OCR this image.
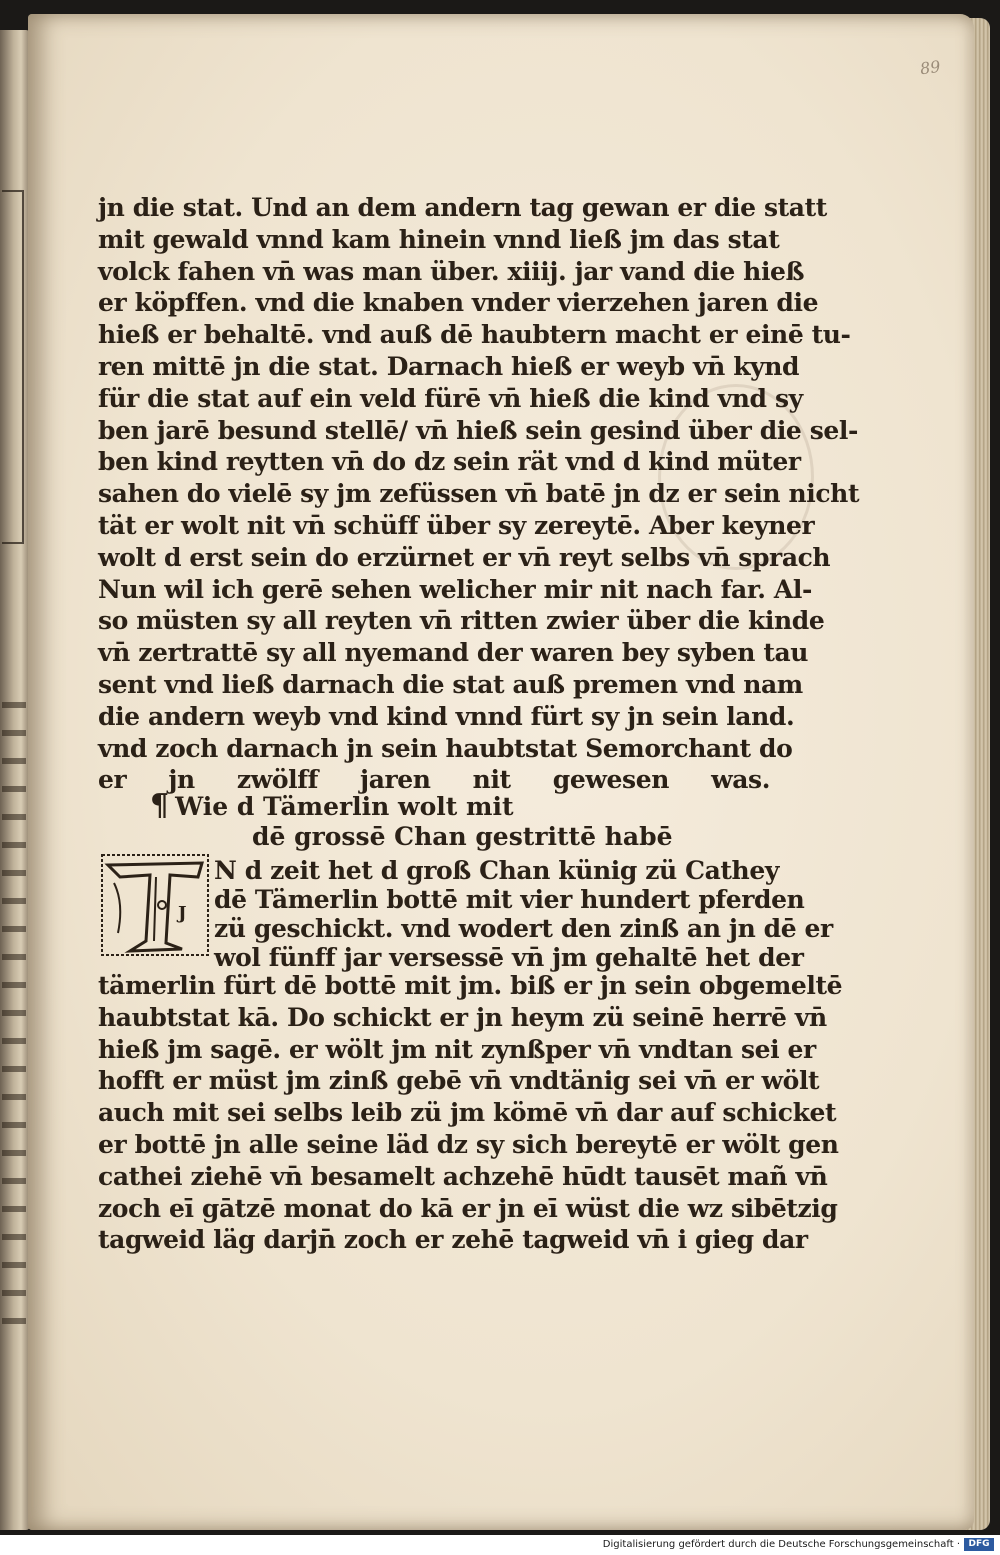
89
jn die stat. Und an dem andern tag gewan er die statt
mit gewald vnnd kam hinein vnnd ließ jm das stat
volck fahen vn̄ was man über. xiiij. jar vand die hieß
er köpffen. vnd die knaben vnder vierzehen jaren die
hieß er behaltē. vnd auß dē haubtern macht er einē tu-
ren mittē jn die stat. Darnach hieß er weyb vn̄ kynd
für die stat auf ein veld fürē vn̄ hieß die kind vnd sy
ben jarē besund stellē/ vn̄ hieß sein gesind über die sel-
ben kind reytten vn̄ do dz sein rät vnd d kind müter
sahen do vielē sy jm zefüssen vn̄ batē jn dz er sein nicht
tät er wolt nit vn̄ schüff über sy zereytē. Aber keyner
wolt d erst sein do erzürnet er vn̄ reyt selbs vn̄ sprach
Nun wil ich gerē sehen welicher mir nit nach far. Al-
so müsten sy all reyten vn̄ ritten zwier über die kinde
vn̄ zertrattē sy all nyemand der waren bey syben tau
sent vnd ließ darnach die stat auß premen vnd nam
die andern weyb vnd kind vnnd fürt sy jn sein land.
vnd zoch darnach jn sein haubtstat Semorchant do
er jn zwölff jaren nit gewesen was.
¶ Wie d Tämerlin wolt mit
dē grossē Chan gestrittē habē
J
N d zeit het d groß Chan künig zü Cathey
dē Tämerlin bottē mit vier hundert pferden
zü geschickt. vnd wodert den zinß an jn dē er
wol fünff jar versessē vn̄ jm gehaltē het der
tämerlin fürt dē bottē mit jm. biß er jn sein obgemeltē
haubtstat kā. Do schickt er jn heym zü seinē herrē vn̄
hieß jm sagē. er wölt jm nit zynßper vn̄ vndtan sei er
hofft er müst jm zinß gebē vn̄ vndtänig sei vn̄ er wölt
auch mit sei selbs leib zü jm kömē vn̄ dar auf schicket
er bottē jn alle seine läd dz sy sich bereytē er wölt gen
cathei ziehē vn̄ besamelt achzehē hūdt tausēt mañ vn̄
zoch eī gātzē monat do kā er jn eī wüst die wz sibētzig
tagweid läg darjn̄ zoch er zehē tagweid vn̄ i gieg dar
Digitalisierung gefördert durch die Deutsche Forschungsgemeinschaft · DFG
